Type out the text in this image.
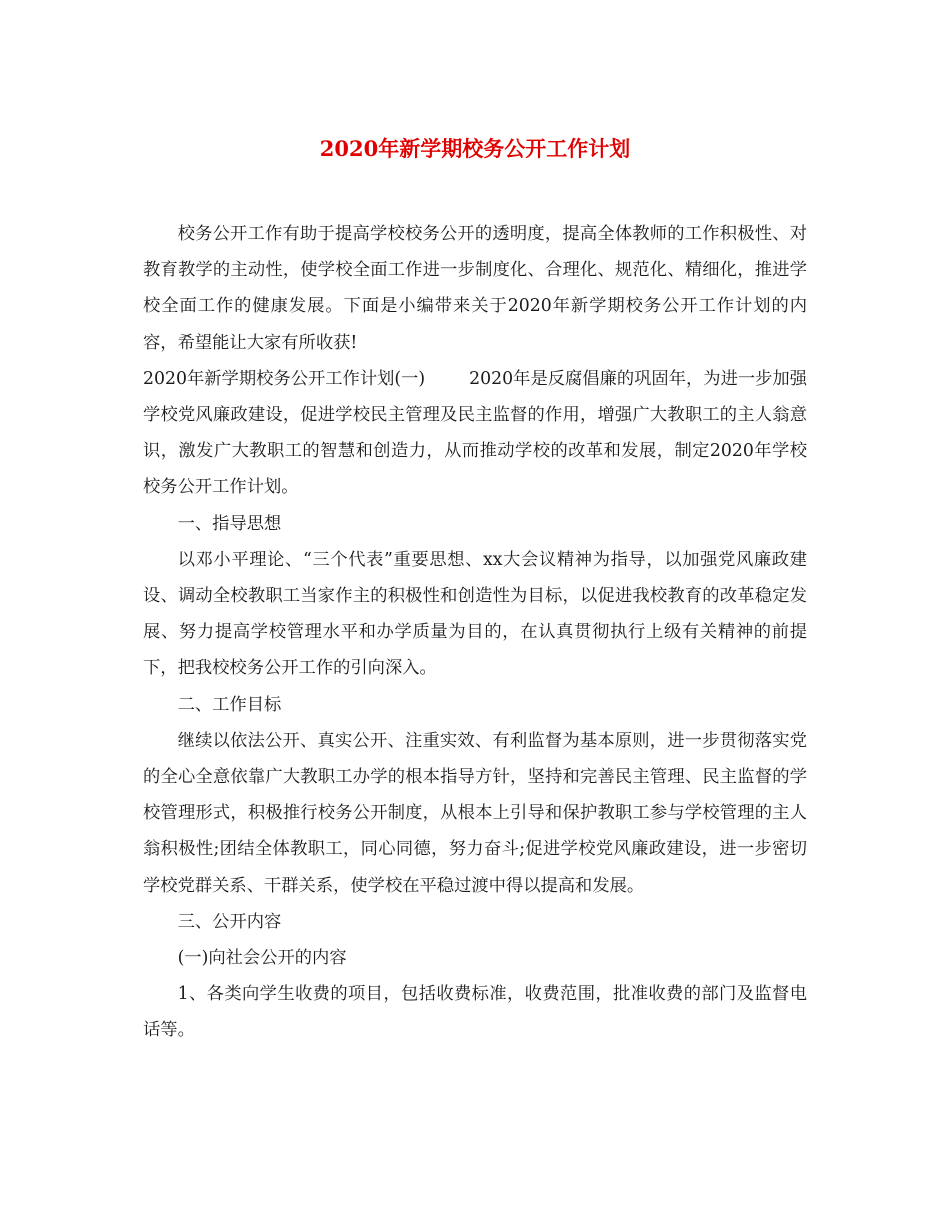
2020年新学期校务公开工作计划

校务公开工作有助于提高学校校务公开的透明度，提高全体教师的工作积极性、对教育教学的主动性，使学校全面工作进一步制度化、合理化、规范化、精细化，推进学校全面工作的健康发展。下面是小编带来关于2020年新学期校务公开工作计划的内容，希望能让大家有所收获!

2020年新学期校务公开工作计划(一)	2020年是反腐倡廉的巩固年，为进一步加强学校党风廉政建设，促进学校民主管理及民主监督的作用，增强广大教职工的主人翁意识，激发广大教职工的智慧和创造力，从而推动学校的改革和发展，制定2020年学校校务公开工作计划。

一、指导思想

以邓小平理论、“三个代表”重要思想、xx大会议精神为指导，以加强党风廉政建设、调动全校教职工当家作主的积极性和创造性为目标，以促进我校教育的改革稳定发展、努力提高学校管理水平和办学质量为目的，在认真贯彻执行上级有关精神的前提下，把我校校务公开工作的引向深入。

二、工作目标

继续以依法公开、真实公开、注重实效、有利监督为基本原则，进一步贯彻落实党的全心全意依靠广大教职工办学的根本指导方针，坚持和完善民主管理、民主监督的学校管理形式，积极推行校务公开制度，从根本上引导和保护教职工参与学校管理的主人翁积极性;团结全体教职工，同心同德，努力奋斗;促进学校党风廉政建设，进一步密切学校党群关系、干群关系，使学校在平稳过渡中得以提高和发展。

三、公开内容

(一)向社会公开的内容

1、各类向学生收费的项目，包括收费标准，收费范围，批准收费的部门及监督电话等。
